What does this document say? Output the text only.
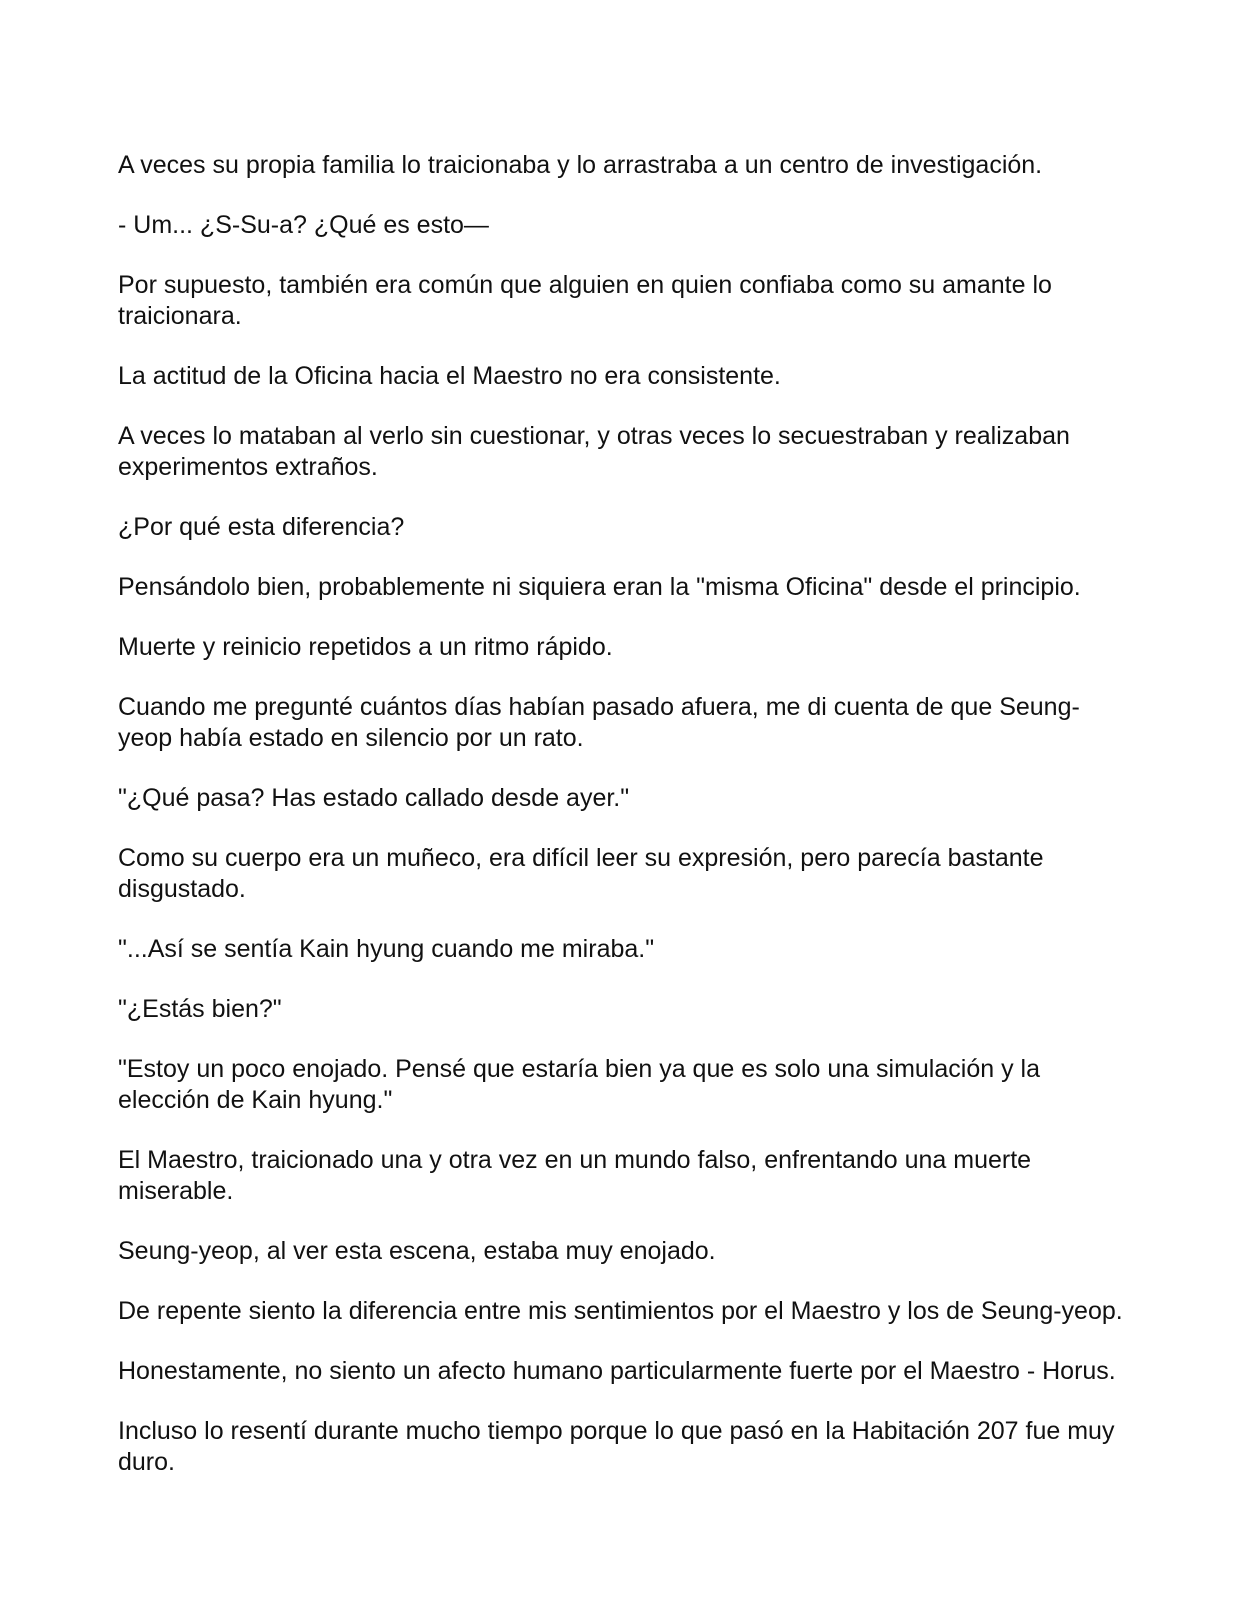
A veces su propia familia lo traicionaba y lo arrastraba a un centro de investigación.

- Um... ¿S-Su-a? ¿Qué es esto—

Por supuesto, también era común que alguien en quien confiaba como su amante lo traicionara.

La actitud de la Oficina hacia el Maestro no era consistente.

A veces lo mataban al verlo sin cuestionar, y otras veces lo secuestraban y realizaban experimentos extraños.

¿Por qué esta diferencia?

Pensándolo bien, probablemente ni siquiera eran la "misma Oficina" desde el principio.

Muerte y reinicio repetidos a un ritmo rápido.

Cuando me pregunté cuántos días habían pasado afuera, me di cuenta de que Seung-yeop había estado en silencio por un rato.

"¿Qué pasa? Has estado callado desde ayer."

Como su cuerpo era un muñeco, era difícil leer su expresión, pero parecía bastante disgustado.

"...Así se sentía Kain hyung cuando me miraba."

"¿Estás bien?"

"Estoy un poco enojado. Pensé que estaría bien ya que es solo una simulación y la elección de Kain hyung."

El Maestro, traicionado una y otra vez en un mundo falso, enfrentando una muerte miserable.

Seung-yeop, al ver esta escena, estaba muy enojado.

De repente siento la diferencia entre mis sentimientos por el Maestro y los de Seung-yeop.

Honestamente, no siento un afecto humano particularmente fuerte por el Maestro - Horus.

Incluso lo resentí durante mucho tiempo porque lo que pasó en la Habitación 207 fue muy duro.
